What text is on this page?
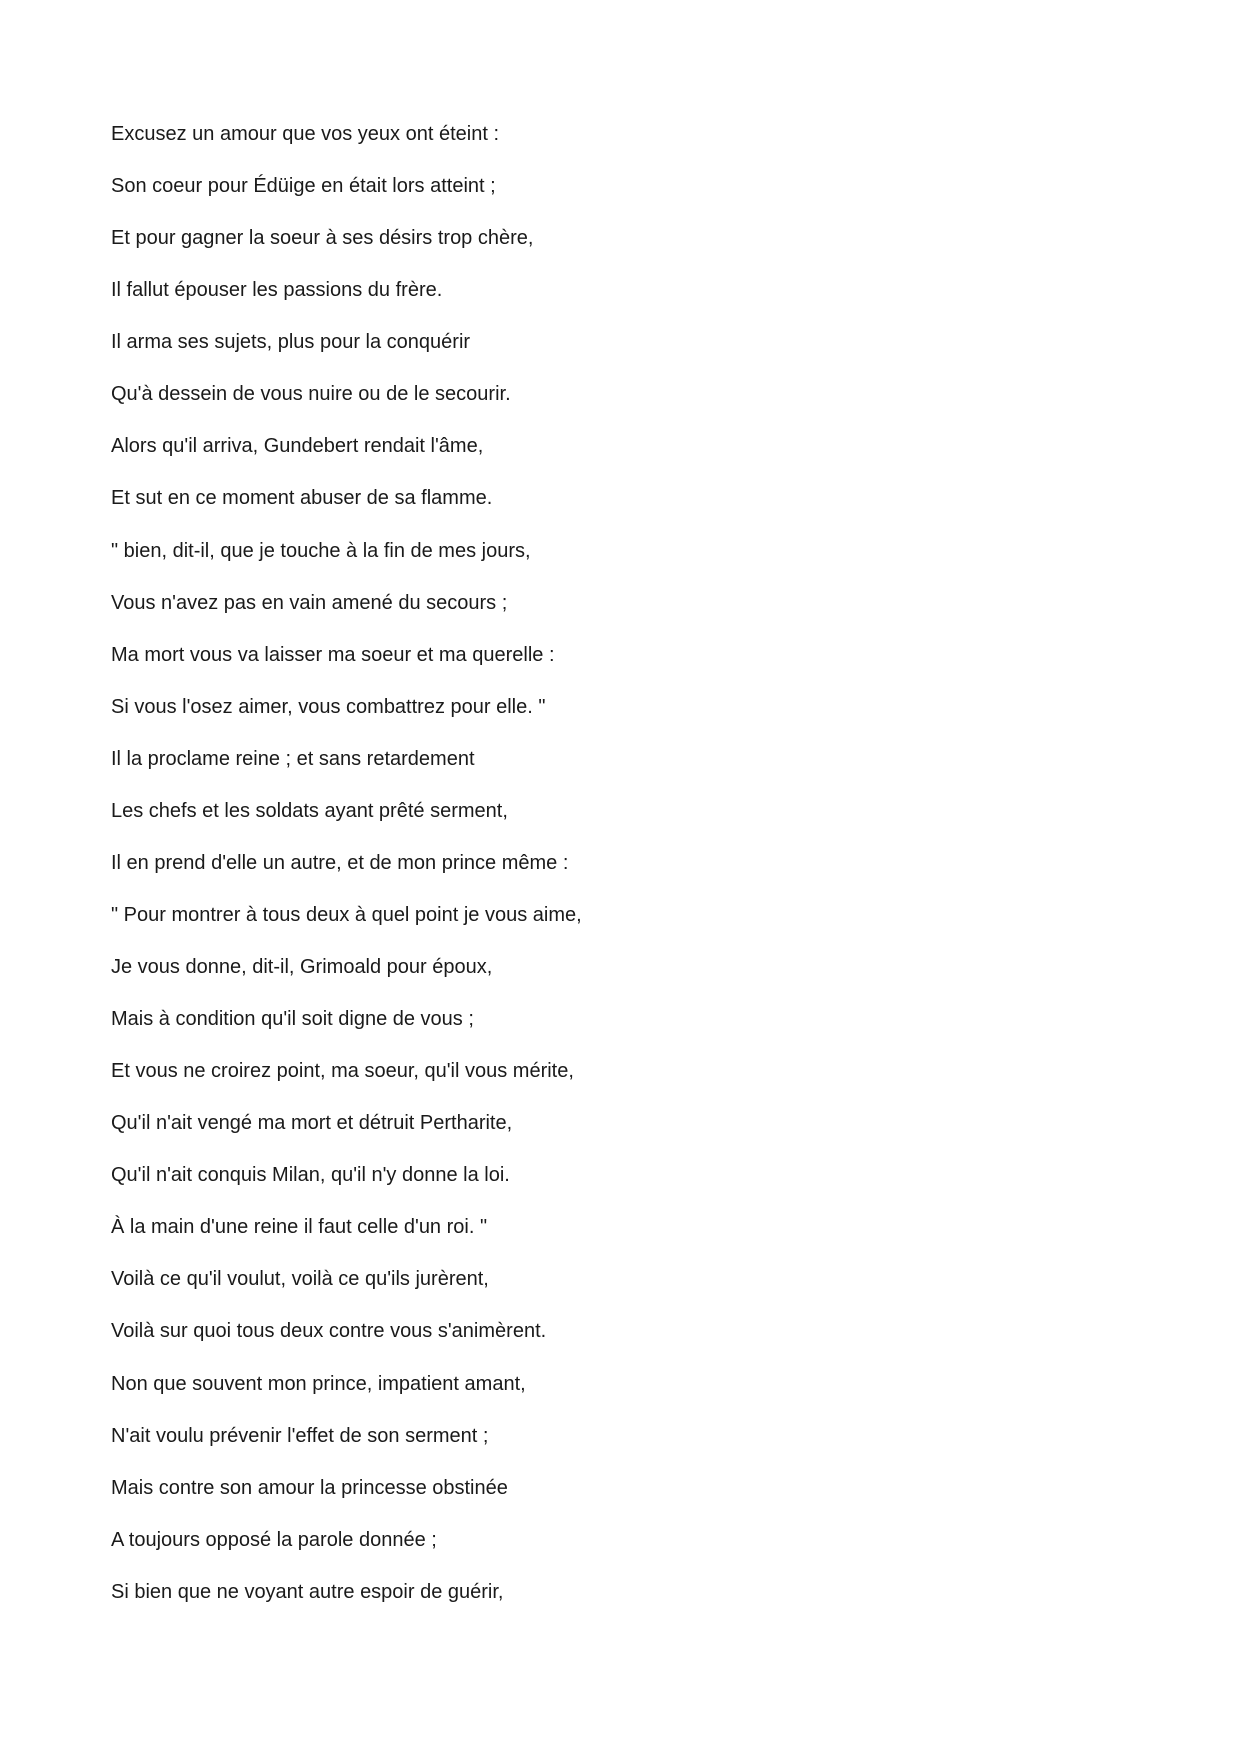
Excusez un amour que vos yeux ont éteint :
Son coeur pour Édüige en était lors atteint ;
Et pour gagner la soeur à ses désirs trop chère,
Il fallut épouser les passions du frère.
Il arma ses sujets, plus pour la conquérir
Qu'à dessein de vous nuire ou de le secourir.
Alors qu'il arriva, Gundebert rendait l'âme,
Et sut en ce moment abuser de sa flamme.
" bien, dit-il, que je touche à la fin de mes jours,
Vous n'avez pas en vain amené du secours ;
Ma mort vous va laisser ma soeur et ma querelle :
Si vous l'osez aimer, vous combattrez pour elle. "
Il la proclame reine ; et sans retardement
Les chefs et les soldats ayant prêté serment,
Il en prend d'elle un autre, et de mon prince même :
" Pour montrer à tous deux à quel point je vous aime,
Je vous donne, dit-il, Grimoald pour époux,
Mais à condition qu'il soit digne de vous ;
Et vous ne croirez point, ma soeur, qu'il vous mérite,
Qu'il n'ait vengé ma mort et détruit Pertharite,
Qu'il n'ait conquis Milan, qu'il n'y donne la loi.
À la main d'une reine il faut celle d'un roi. "
Voilà ce qu'il voulut, voilà ce qu'ils jurèrent,
Voilà sur quoi tous deux contre vous s'animèrent.
Non que souvent mon prince, impatient amant,
N'ait voulu prévenir l'effet de son serment ;
Mais contre son amour la princesse obstinée
A toujours opposé la parole donnée ;
Si bien que ne voyant autre espoir de guérir,
